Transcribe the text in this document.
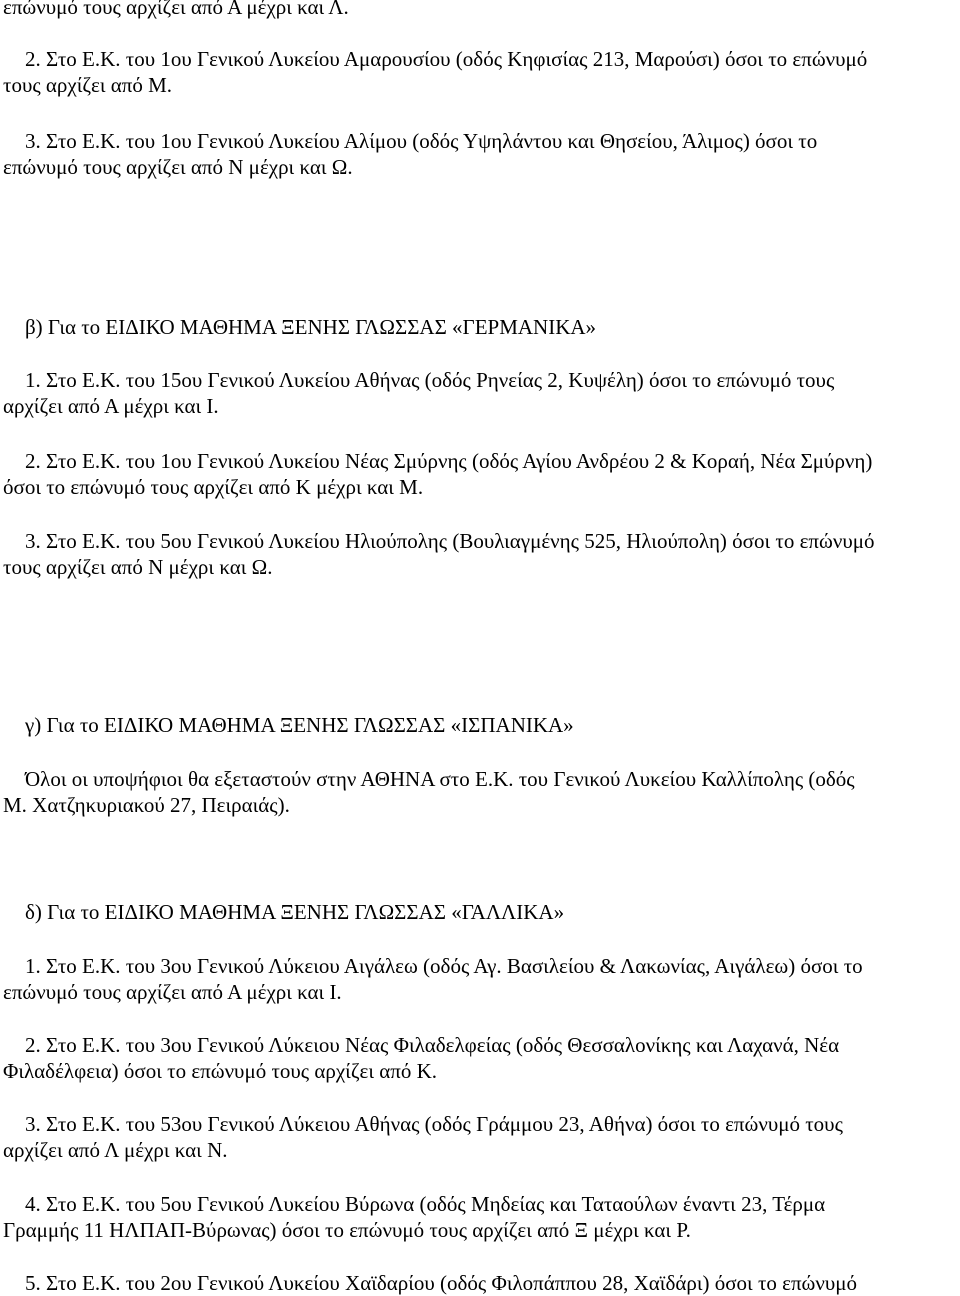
επώνυμό τους αρχίζει από Α μέχρι και Λ.
2. Στο Ε.Κ. του 1ου Γενικού Λυκείου Αμαρουσίου (οδός Κηφισίας 213, Μαρούσι) όσοι το επώνυμό
τους αρχίζει από Μ.
3. Στο Ε.Κ. του 1ου Γενικού Λυκείου Αλίμου (οδός Υψηλάντου και Θησείου, Άλιμος) όσοι το
επώνυμό τους αρχίζει από Ν μέχρι και Ω.
β) Για το ΕΙΔΙΚΟ ΜΑΘΗΜΑ ΞΕΝΗΣ ΓΛΩΣΣΑΣ «ΓΕΡΜΑΝΙΚΑ»
1. Στο Ε.Κ. του 15ου Γενικού Λυκείου Αθήνας (οδός Ρηνείας 2, Κυψέλη) όσοι το επώνυμό τους
αρχίζει από Α μέχρι και Ι.
2. Στο Ε.Κ. του 1ου Γενικού Λυκείου Νέας Σμύρνης (οδός Αγίου Ανδρέου 2 & Κοραή, Νέα Σμύρνη)
όσοι το επώνυμό τους αρχίζει από Κ μέχρι και Μ.
3. Στο Ε.Κ. του 5ου Γενικού Λυκείου Ηλιούπολης (Βουλιαγμένης 525, Ηλιούπολη) όσοι το επώνυμό
τους αρχίζει από Ν μέχρι και Ω.
γ) Για το ΕΙΔΙΚΟ ΜΑΘΗΜΑ ΞΕΝΗΣ ΓΛΩΣΣΑΣ «ΙΣΠΑΝΙΚΑ»
Όλοι οι υποψήφιοι θα εξεταστούν στην ΑΘΗΝΑ στο Ε.Κ. του Γενικού Λυκείου Καλλίπολης (οδός
Μ. Χατζηκυριακού 27, Πειραιάς).
δ) Για το ΕΙΔΙΚΟ ΜΑΘΗΜΑ ΞΕΝΗΣ ΓΛΩΣΣΑΣ «ΓΑΛΛΙΚΑ»
1. Στο Ε.Κ. του 3ου Γενικού Λύκειου Αιγάλεω (οδός Αγ. Βασιλείου & Λακωνίας, Αιγάλεω) όσοι το
επώνυμό τους αρχίζει από Α μέχρι και Ι.
2. Στο Ε.Κ. του 3ου Γενικού Λύκειου Νέας Φιλαδελφείας (οδός Θεσσαλονίκης και Λαχανά, Νέα
Φιλαδέλφεια) όσοι το επώνυμό τους αρχίζει από Κ.
3. Στο Ε.Κ. του 53ου Γενικού Λύκειου Αθήνας (οδός Γράμμου 23, Αθήνα) όσοι το επώνυμό τους
αρχίζει από Λ μέχρι και Ν.
4. Στο Ε.Κ. του 5ου Γενικού Λυκείου Βύρωνα (οδός Μηδείας και Ταταούλων έναντι 23, Τέρμα
Γραμμής 11 ΗΛΠΑΠ-Βύρωνας) όσοι το επώνυμό τους αρχίζει από Ξ μέχρι και Ρ.
5. Στο Ε.Κ. του 2ου Γενικού Λυκείου Χαϊδαρίου (οδός Φιλοπάππου 28, Χαϊδάρι) όσοι το επώνυμό
